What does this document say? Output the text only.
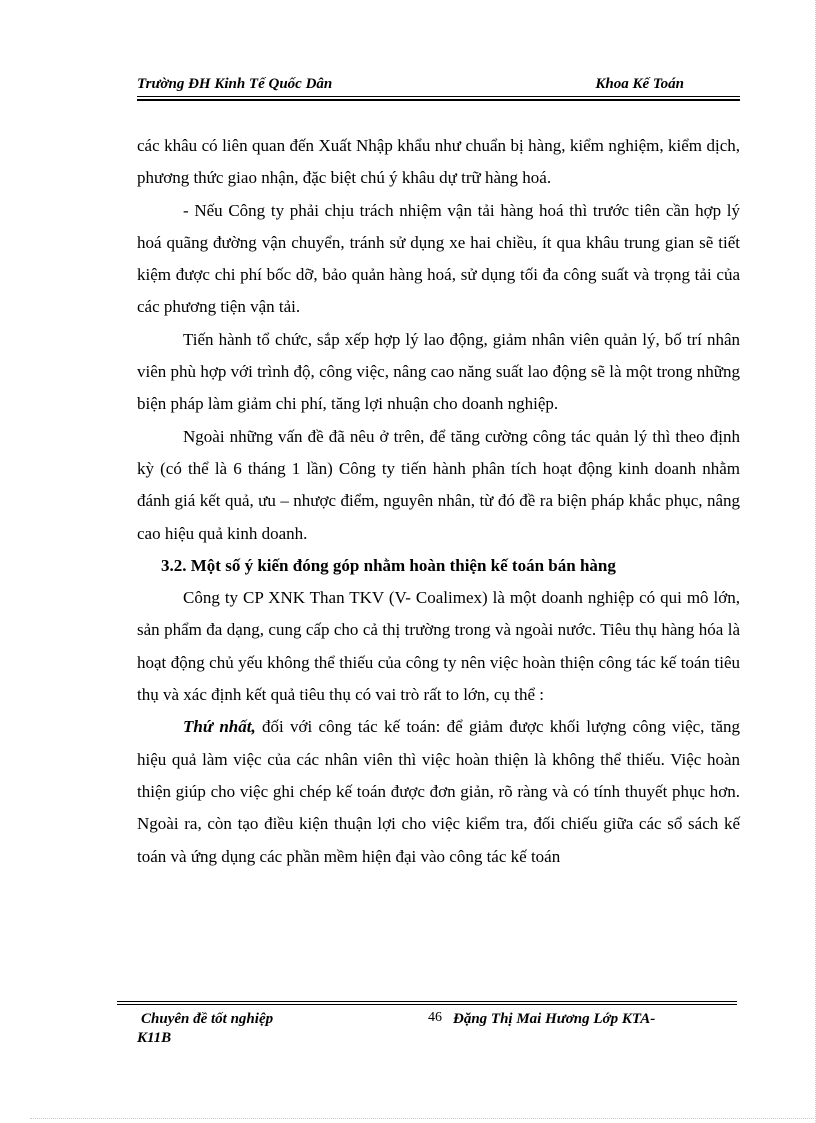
Trường ĐH Kinh Tế Quốc Dân	Khoa Kế Toán

các khâu có liên quan đến Xuất Nhập khẩu như chuẩn bị hàng, kiểm nghiệm, kiểm dịch, phương thức giao nhận, đặc biệt chú ý khâu dự trữ hàng hoá.

- Nếu Công ty phải chịu trách nhiệm vận tải hàng hoá thì trước tiên cần hợp lý hoá quãng đường vận chuyển, tránh sử dụng xe hai chiều, ít qua khâu trung gian sẽ tiết kiệm được chi phí bốc dỡ, bảo quản hàng hoá, sử dụng tối đa công suất và trọng tải của các phương tiện vận tải.

Tiến hành tổ chức, sắp xếp hợp lý lao động, giảm nhân viên quản lý, bố trí nhân viên phù hợp với trình độ, công việc, nâng cao năng suất lao động sẽ là một trong những biện pháp làm giảm chi phí, tăng lợi nhuận cho doanh nghiệp.

Ngoài những vấn đề đã nêu ở trên, để tăng cường công tác quản lý thì theo định kỳ (có thể là 6 tháng 1 lần) Công ty tiến hành phân tích hoạt động kinh doanh nhằm đánh giá kết quả, ưu – nhược điểm, nguyên nhân, từ đó đề ra biện pháp khắc phục, nâng cao hiệu quả kinh doanh.

3.2. Một số ý kiến đóng góp nhằm hoàn thiện kế toán bán hàng

Công ty CP XNK Than TKV (V- Coalimex) là một doanh nghiệp có qui mô lớn, sản phẩm đa dạng, cung cấp cho cả thị trường trong và ngoài nước. Tiêu thụ hàng hóa là hoạt động chủ yếu không thể thiếu của công ty nên việc hoàn thiện công tác kế toán tiêu thụ và xác định kết quả tiêu thụ có vai trò rất to lớn, cụ thể :

Thứ nhất, đối với công tác kế toán: để giảm được khối lượng công việc, tăng hiệu quả làm việc của các nhân viên thì việc hoàn thiện là không thể thiếu. Việc hoàn thiện giúp cho việc ghi chép kế toán được đơn giản, rõ ràng và có tính thuyết phục hơn. Ngoài ra, còn tạo điều kiện thuận lợi cho việc kiểm tra, đối chiếu giữa các sổ sách kế toán và ứng dụng các phần mềm hiện đại vào công tác kế toán

Chuyên đề tốt nghiệp	46 Đặng Thị Mai Hương Lớp KTA-
K11B
